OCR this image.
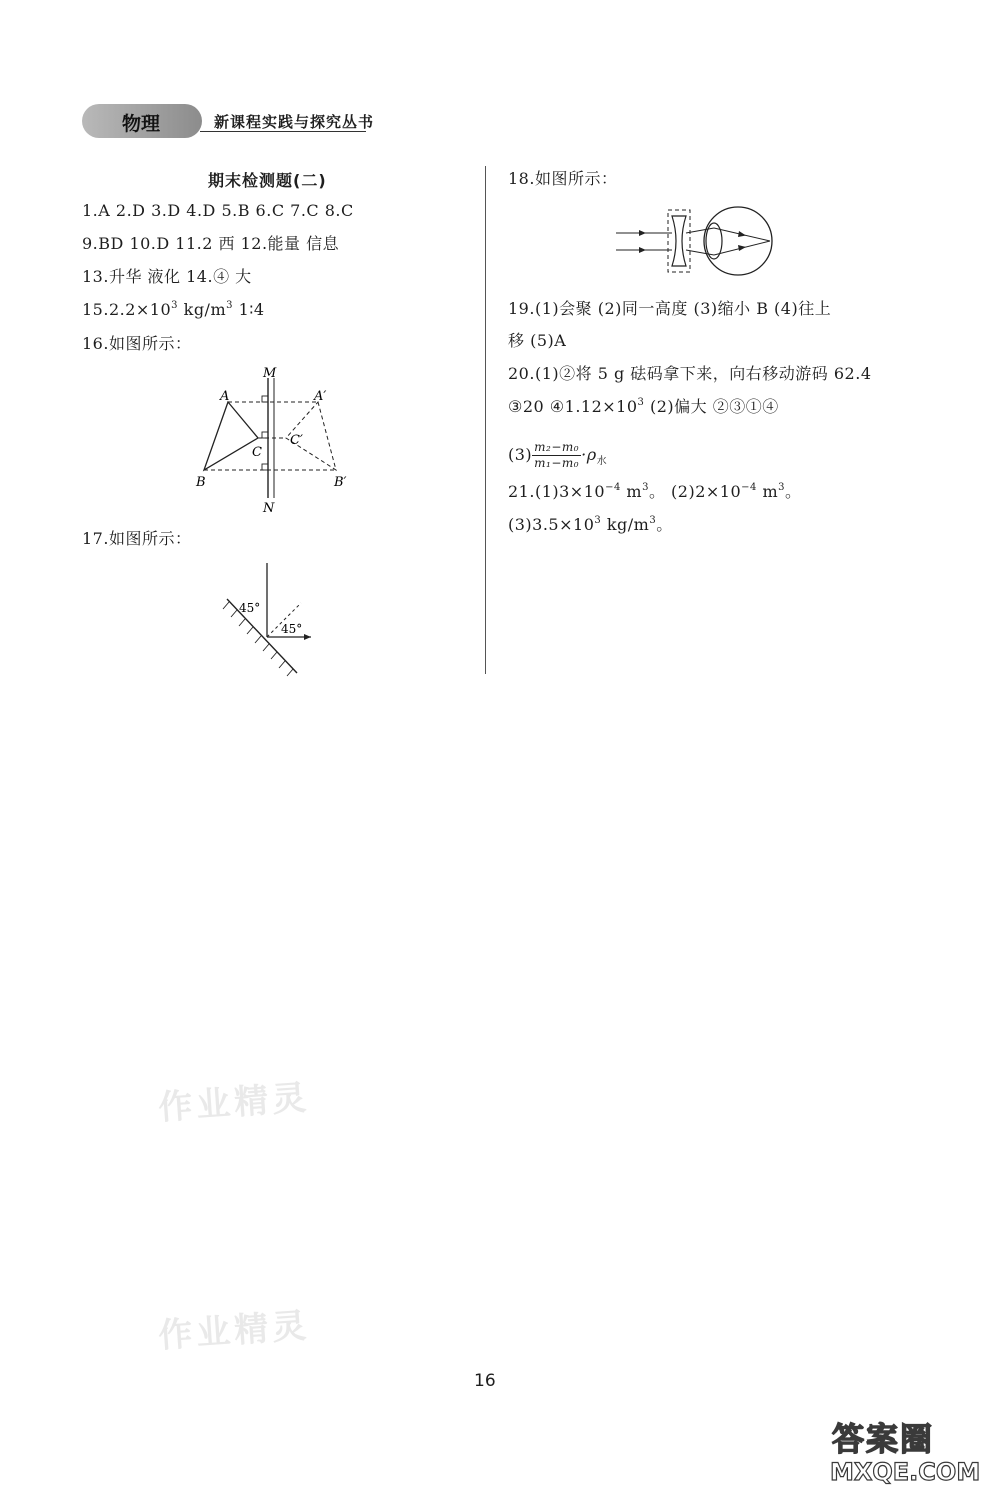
物理	新课程实践与探究丛书
期末检测题(二)
1.A 2.D 3.D 4.D 5.B 6.C 7.C 8.C
9.BD 10.D 11.2 西 12.能量 信息
13.升华 液化 14.④ 大
$15.2.2\times 10^3$ $kg/m^3$ 1∶4
16.如图所示：
M
N
A
B
C
A′
B′
C′
17.如图所示：
45°
45°
18.如图所示：
19.(1)会聚 (2)同一高度 (3)缩小 B (4)往上
移 (5)A
20.(1)②将 5 g 砝码拿下来，向右移动游码 62.4
③20 $④1.12\times 10^3$ (2)偏大 ②③①④
$(3) \frac{\text{m₂−m₀}}{\text{m₁−m₀}} \cdot\rho_水$
$21.(1)3\times 10^{-4}$ $m^3$。 $(2)2\times 10^{-4}$ $m^3$。
$(3)3.5\times 10^3$ $kg/m^3$。
作业精灵
作业精灵
16
答案圈
MXQE.COM
